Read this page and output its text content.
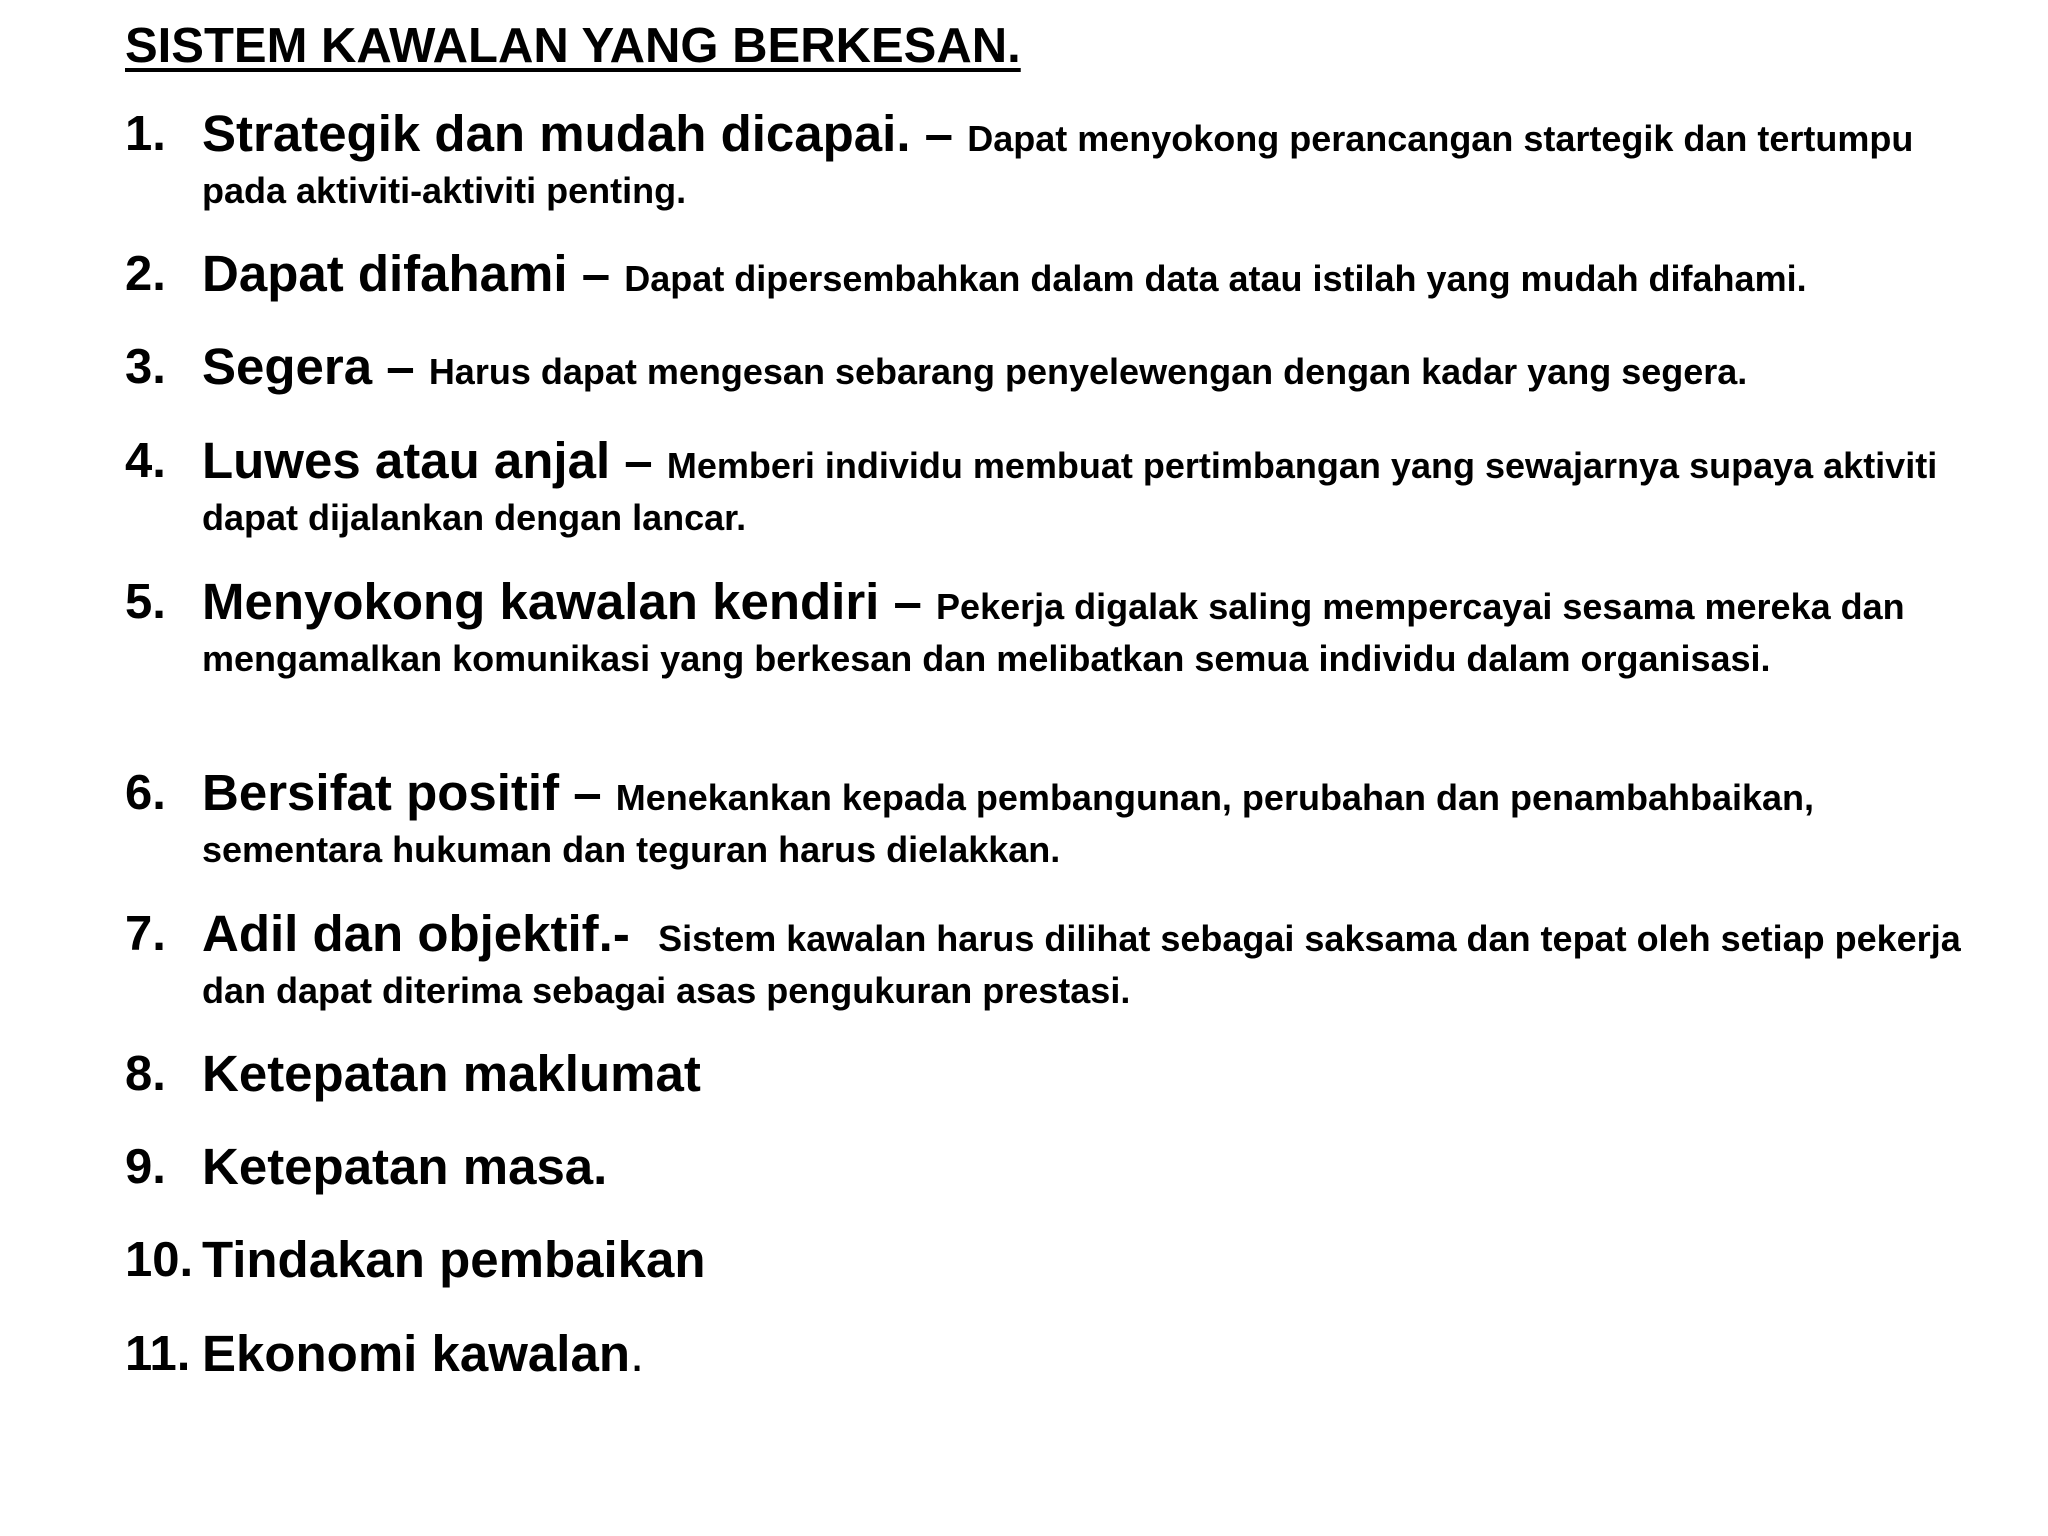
SISTEM KAWALAN YANG BERKESAN.
1. Strategik dan mudah dicapai. – Dapat menyokong perancangan startegik dan tertumpu pada aktiviti-aktiviti penting.
2. Dapat difahami – Dapat dipersembahkan dalam data atau istilah yang mudah difahami.
3. Segera – Harus dapat mengesan sebarang penyelewengan dengan kadar yang segera.
4. Luwes atau anjal – Memberi individu membuat pertimbangan yang sewajarnya supaya aktiviti dapat dijalankan dengan lancar.
5. Menyokong kawalan kendiri – Pekerja digalak saling mempercayai sesama mereka dan mengamalkan komunikasi yang berkesan dan melibatkan semua individu dalam organisasi.
6. Bersifat positif – Menekankan kepada pembangunan, perubahan dan penambahbaikan, sementara hukuman dan teguran harus dielakkan.
7. Adil dan objektif.- Sistem kawalan harus dilihat sebagai saksama dan tepat oleh setiap pekerja dan dapat diterima sebagai asas pengukuran prestasi.
8. Ketepatan maklumat
9. Ketepatan masa.
10. Tindakan pembaikan
11. Ekonomi kawalan.
